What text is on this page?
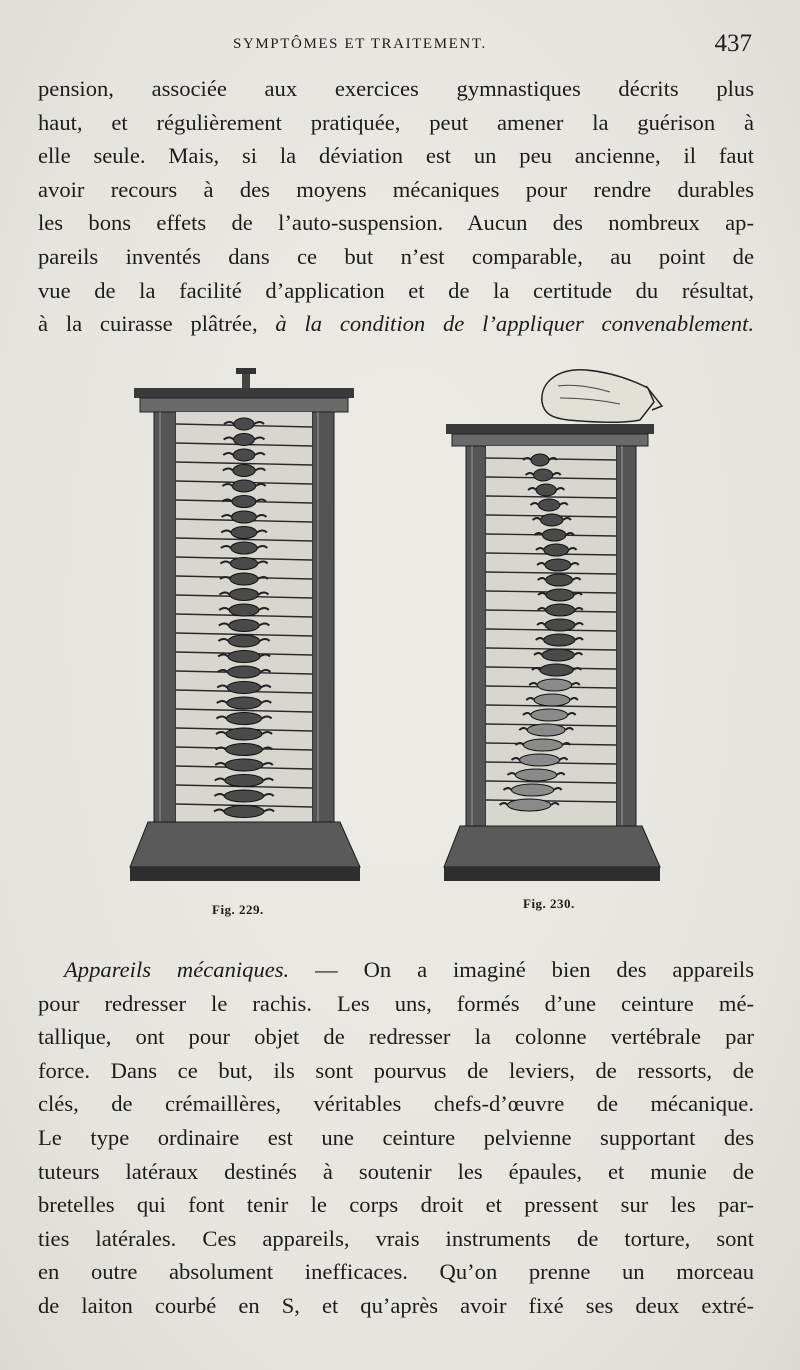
SYMPTÔMES ET TRAITEMENT.	437
pension, associée aux exercices gymnastiques décrits plus
haut, et régulièrement pratiquée, peut amener la guérison à
elle seule. Mais, si la déviation est un peu ancienne, il faut
avoir recours à des moyens mécaniques pour rendre durables
les bons effets de l’auto-suspension. Aucun des nombreux ap-
pareils inventés dans ce but n’est comparable, au point de
vue de la facilité d’application et de la certitude du résultat,
à la cuirasse plâtrée, à la condition de l’appliquer convenablement.
Fig. 229.	Fig. 230.
Appareils mécaniques. — On a imaginé bien des appareils
pour redresser le rachis. Les uns, formés d’une ceinture mé-
tallique, ont pour objet de redresser la colonne vertébrale par
force. Dans ce but, ils sont pourvus de leviers, de ressorts, de
clés, de crémaillères, véritables chefs-d’œuvre de mécanique.
Le type ordinaire est une ceinture pelvienne supportant des
tuteurs latéraux destinés à soutenir les épaules, et munie de
bretelles qui font tenir le corps droit et pressent sur les par-
ties latérales. Ces appareils, vrais instruments de torture, sont
en outre absolument inefficaces. Qu’on prenne un morceau
de laiton courbé en S, et qu’après avoir fixé ses deux extré-
